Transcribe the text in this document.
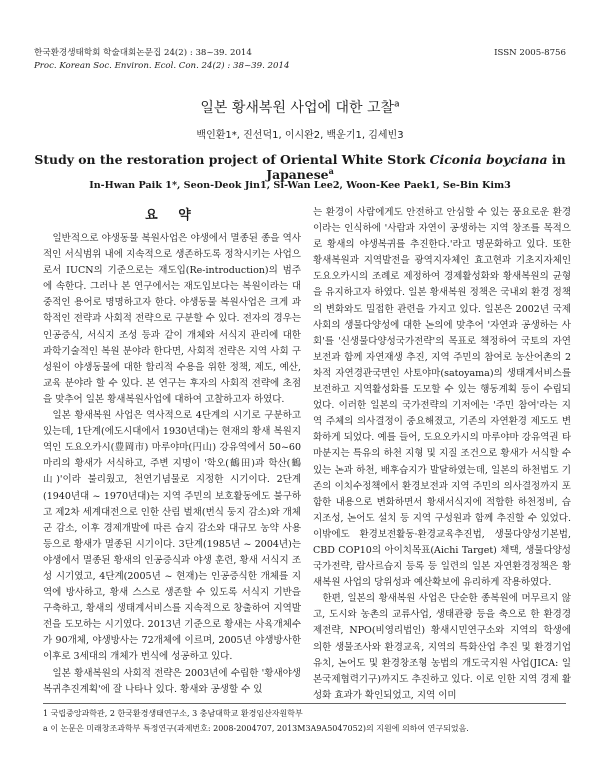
한국환경생태학회 학술대회논문집 24(2) : 38~39. 2014
Proc. Korean Soc. Environ. Ecol. Con. 24(2) : 38~39. 2014
ISSN 2005-8756
일본 황새복원 사업에 대한 고찰$^a$
백인환1*, 진선덕1, 이시완2, 백운기1, 김세빈3
Study on the restoration project of Oriental White Stork Ciconia boyciana in Japanese$^a$
In-Hwan Paik 1*, Seon-Deok Jin1, Si-Wan Lee2, Woon-Kee Paek1, Se-Bin Kim3
요 약

일반적으로 야생동물 복원사업은 야생에서 멸종된 종을 역사적인 서식범위 내에 지속적으로 생존하도록 정착시키는 사업으로서 IUCN의 기준으로는 재도입(Re-introduction)의 범주에 속한다. 그러나 본 연구에서는 재도입보다는 복원이라는 대중적인 용어로 명명하고자 한다. 야생동물 복원사업은 크게 과학적인 전략과 사회적 전략으로 구분할 수 있다. 전자의 경우는 인공증식, 서식지 조성 등과 같이 개체와 서식지 관리에 대한 과학기술적인 복원 분야라 한다면, 사회적 전략은 지역 사회 구성원이 야생동물에 대한 합리적 수용을 위한 정책, 제도, 예산, 교육 분야라 할 수 있다. 본 연구는 후자의 사회적 전략에 초점을 맞추어 일본 황새복원사업에 대하여 고찰하고자 하였다.

일본 황새복원 사업은 역사적으로 4단계의 시기로 구분하고 있는데, 1단계(에도시대에서 1930년대)는 현재의 황새 복원지역인 도요오카시(豊岡市) 마루야마(円山) 강유역에서 50~60마리의 황새가 서식하고, 주변 지명이 '학오(鶴田)과 학산(鶴山)'이라 불리웠고, 천연기념물로 지정한 시기이다. 2단계(1940년대 ~ 1970년대)는 지역 주민의 보호활동에도 불구하고 제2차 세계대전으로 인한 산림 벌채(번식 둥지 감소)와 개체군 감소, 이후 경제개발에 따른 습지 감소와 대규모 농약 사용 등으로 황새가 멸종된 시기이다. 3단계(1985년 ~ 2004년)는 야생에서 멸종된 황새의 인공증식과 야생 훈련, 황새 서식지 조성 시기였고, 4단계(2005년 ~ 현재)는 인공증식한 개체를 지역에 방사하고, 황새 스스로 생존할 수 있도록 서식지 기반을 구축하고, 황새의 생태계서비스를 지속적으로 창출하여 지역발전을 도모하는 시기였다. 2013년 기준으로 황새는 사육개체수가 90개체, 야생방사는 72개체에 이르며, 2005년 야생방사한 이후로 3세대의 개체가 번식에 성공하고 있다.

일본 황새복원의 사회적 전략은 2003년에 수립한 '황새야생복귀추진계획'에 잘 나타나 있다. 황새와 공생할 수 있

는 환경이 사람에게도 안전하고 안심할 수 있는 풍요로운 환경이라는 인식하에 '사람과 자연이 공생하는 지역 창조를 목적으로 황새의 야생복귀를 추진한다.'라고 명문화하고 있다. 또한 황새복원과 지역발전을 광역지자체인 효고현과 기초지자체인 도요오카시의 조례로 제정하여 경제활성화와 황새복원의 균형을 유지하고자 하였다. 일본 황새복원 정책은 국내외 환경 정책의 변화와도 밀접한 관련을 가지고 있다. 일본은 2002년 국제사회의 생물다양성에 대한 논의에 맞추어 '자연과 공생하는 사회'를 '신생물다양성국가전략'의 목표로 책정하여 국토의 자연보전과 함께 자연재생 추진, 지역 주민의 참여로 농산어촌의 2차적 자연경관국면인 사토야마(satoyama)의 생태계서비스를 보전하고 지역활성화를 도모할 수 있는 행동계획 등이 수립되었다. 이러한 일본의 국가전략의 기저에는 '주민 참여'라는 지역 주체의 의사결정이 중요해졌고, 기존의 자연환경 제도도 변화하게 되었다. 예를 들어, 도요오카시의 마루야마 강유역권 타마분지는 특유의 하천 지형 및 지질 조건으로 황새가 서식할 수 있는 논과 하천, 배후습지가 발달하였는데, 일본의 하천법도 기존의 이치수정책에서 환경보전과 지역 주민의 의사결정까지 포함한 내용으로 변화하면서 황새서식지에 적합한 하천정비, 습지조성, 논어도 설치 등 지역 구성원과 함께 추진할 수 있었다. 이밖에도 환경보전활동·환경교육추진법, 생물다양성기본법, CBD COP10의 아이치목표(Aichi Target) 채택, 생물다양성국가전략, 람사르습지 등록 등 일련의 일본 자연환경정책은 황새복원 사업의 당위성과 예산확보에 유리하게 작용하였다.

한편, 일본의 황새복원 사업은 단순한 종복원에 머무르지 않고, 도시와 농촌의 교류사업, 생태관광 등을 축으로 한 환경경제전략, NPO(비영리법인) 황새시민연구소와 지역의 학생에 의한 생물조사와 환경교육, 지역의 특화산업 추진 및 환경기업 유치, 논어도 및 환경창조형 농법의 개도국지원 사업(JICA: 일본국제협력기구)까지도 추진하고 있다. 이로 인한 지역 경제 활성화 효과가 확인되었고, 지역 이미

1 국립중앙과학관, 2 한국환경생태연구소, 3 충남대학교 환경임산자원학부
a 이 논문은 미래창조과학부 특정연구(과제번호: 2008-2004707, 2013M3A9A5047052)의 지원에 의하여 연구되었음.
